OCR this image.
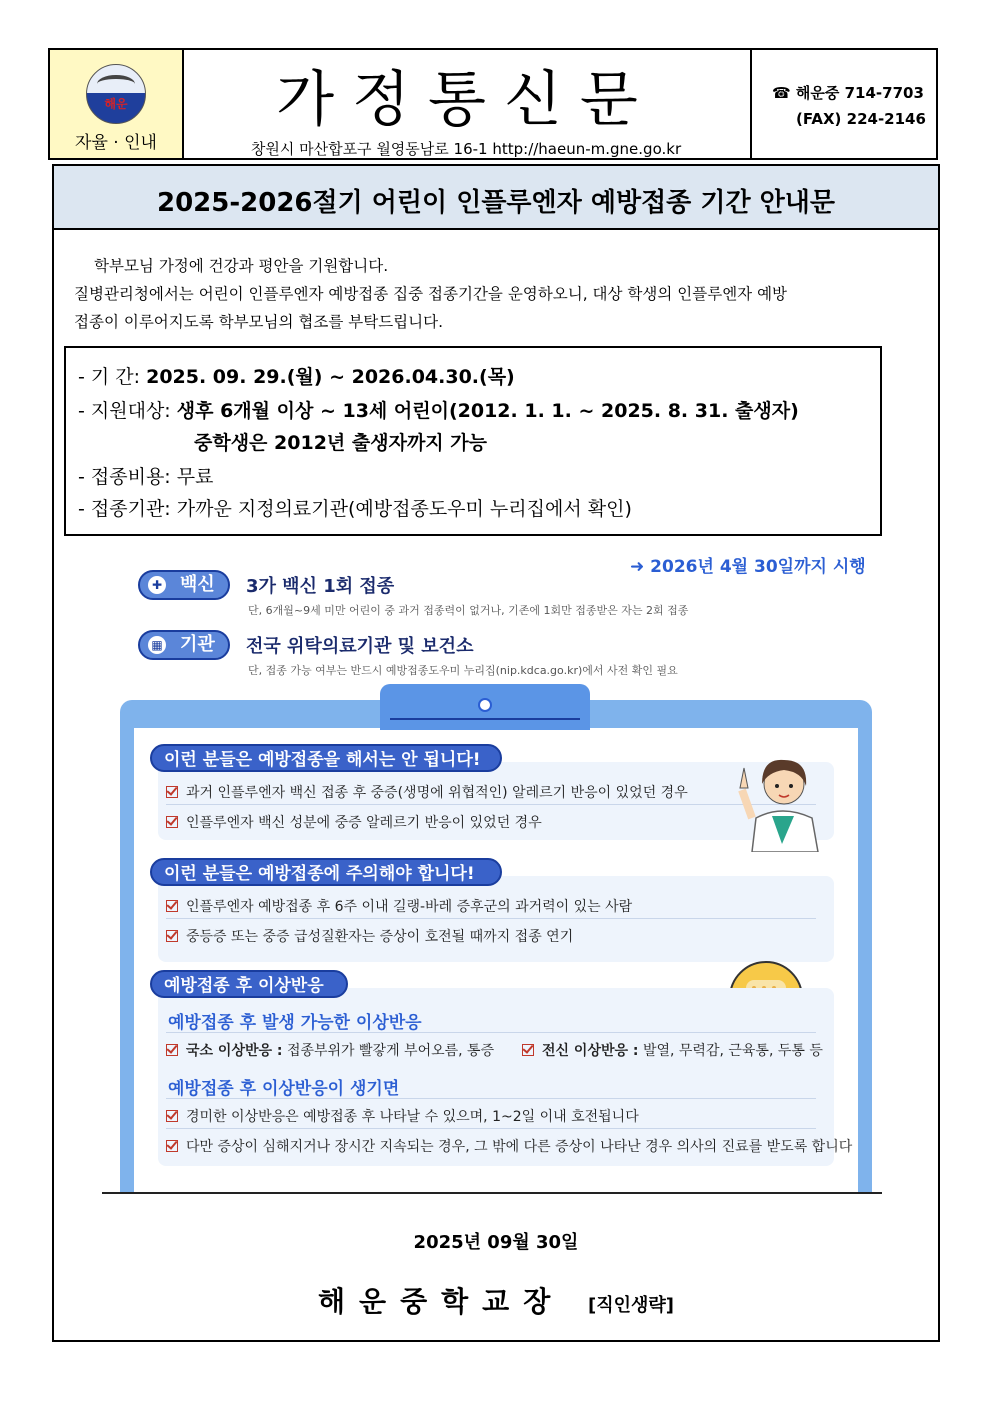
해운
자율 · 인내
가정통신문
창원시 마산합포구 월영동남로 16-1 http://haeun-m.gne.go.kr
☎ 해운중 714-7703
(FAX) 224-2146
2025-2026절기 어린이 인플루엔자 예방접종 기간 안내문

학부모님 가정에 건강과 평안을 기원합니다.

질병관리청에서는 어린이 인플루엔자 예방접종 집중 접종기간을 운영하오니, 대상 학생의 인플루엔자 예방

접종이 이루어지도록 학부모님의 협조를 부탁드립니다.

- 기 간: 2025. 09. 29.(월) ~ 2026.04.30.(목)
- 지원대상: 생후 6개월 이상 ~ 13세 어린이(2012. 1. 1. ~ 2025. 8. 31. 출생자)
중학생은 2012년 출생자까지 가능
- 접종비용: 무료
- 접종기관: 가까운 지정의료기관(예방접종도우미 누리집에서 확인)
➜ 2026년 4월 30일까지 시행
✚ 백신	3가 백신 1회 접종
단, 6개월~9세 미만 어린이 중 과거 접종력이 없거나, 기존에 1회만 접종받은 자는 2회 접종
▦ 기관	전국 위탁의료기관 및 보건소
단, 접종 가능 여부는 반드시 예방접종도우미 누리집(nip.kdca.go.kr)에서 사전 확인 필요
이런 분들은 예방접종을 해서는 안 됩니다!
과거 인플루엔자 백신 접종 후 중증(생명에 위협적인) 알레르기 반응이 있었던 경우
인플루엔자 백신 성분에 중증 알레르기 반응이 있었던 경우
이런 분들은 예방접종에 주의해야 합니다!
인플루엔자 예방접종 후 6주 이내 길랭-바레 증후군의 과거력이 있는 사람
중등증 또는 중증 급성질환자는 증상이 호전될 때까지 접종 연기
예방접종 후 이상반응
예방접종 후 발생 가능한 이상반응
국소 이상반응 : 접종부위가 빨갛게 부어오름, 통증	전신 이상반응 : 발열, 무력감, 근육통, 두통 등
예방접종 후 이상반응이 생기면
경미한 이상반응은 예방접종 후 나타날 수 있으며, 1~2일 이내 호전됩니다
다만 증상이 심해지거나 장시간 지속되는 경우, 그 밖에 다른 증상이 나타난 경우 의사의 진료를 받도록 합니다
2025년 09월 30일
해운중학교장 [직인생략]
